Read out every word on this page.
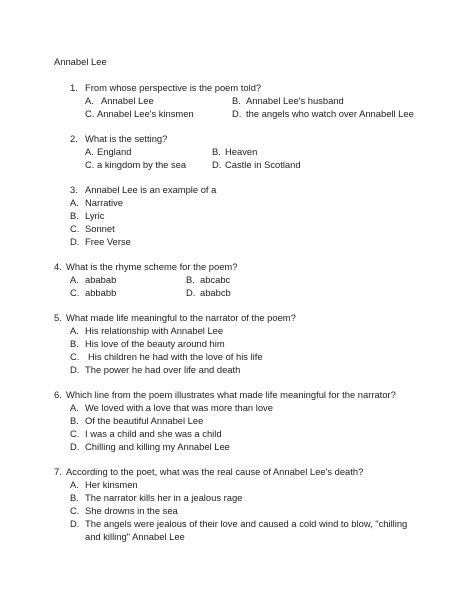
Annabel Lee
1. From whose perspective is the poem told?
A. Annabel Lee	B. Annabel Lee's husband
C. Annabel Lee's kinsmen	D. the angels who watch over Annabell Lee
2. What is the setting?
A. England	B. Heaven
C. a kingdom by the sea	D. Castle in Scotland
3. Annabel Lee is an example of a
A. Narrative
B. Lyric
C. Sonnet
D. Free Verse
4. What is the rhyme scheme for the poem?
A. ababab	B. abcabc
C. abbabb	D. ababcb
5. What made life meaningful to the narrator of the poem?
A. His relationship with Annabel Lee
B. His love of the beauty around him
C. His children he had with the love of his life
D. The power he had over life and death
6. Which line from the poem illustrates what made life meaningful for the narrator?
A. We loved with a love that was more than love
B. Of the beautiful Annabel Lee
C. I was a child and she was a child
D. Chilling and killing my Annabel Lee
7. According to the poet, what was the real cause of Annabel Lee's death?
A. Her kinsmen
B. The narrator kills her in a jealous rage
C. She drowns in the sea
D. The angels were jealous of their love and caused a cold wind to blow, "chilling
and killing" Annabel Lee
